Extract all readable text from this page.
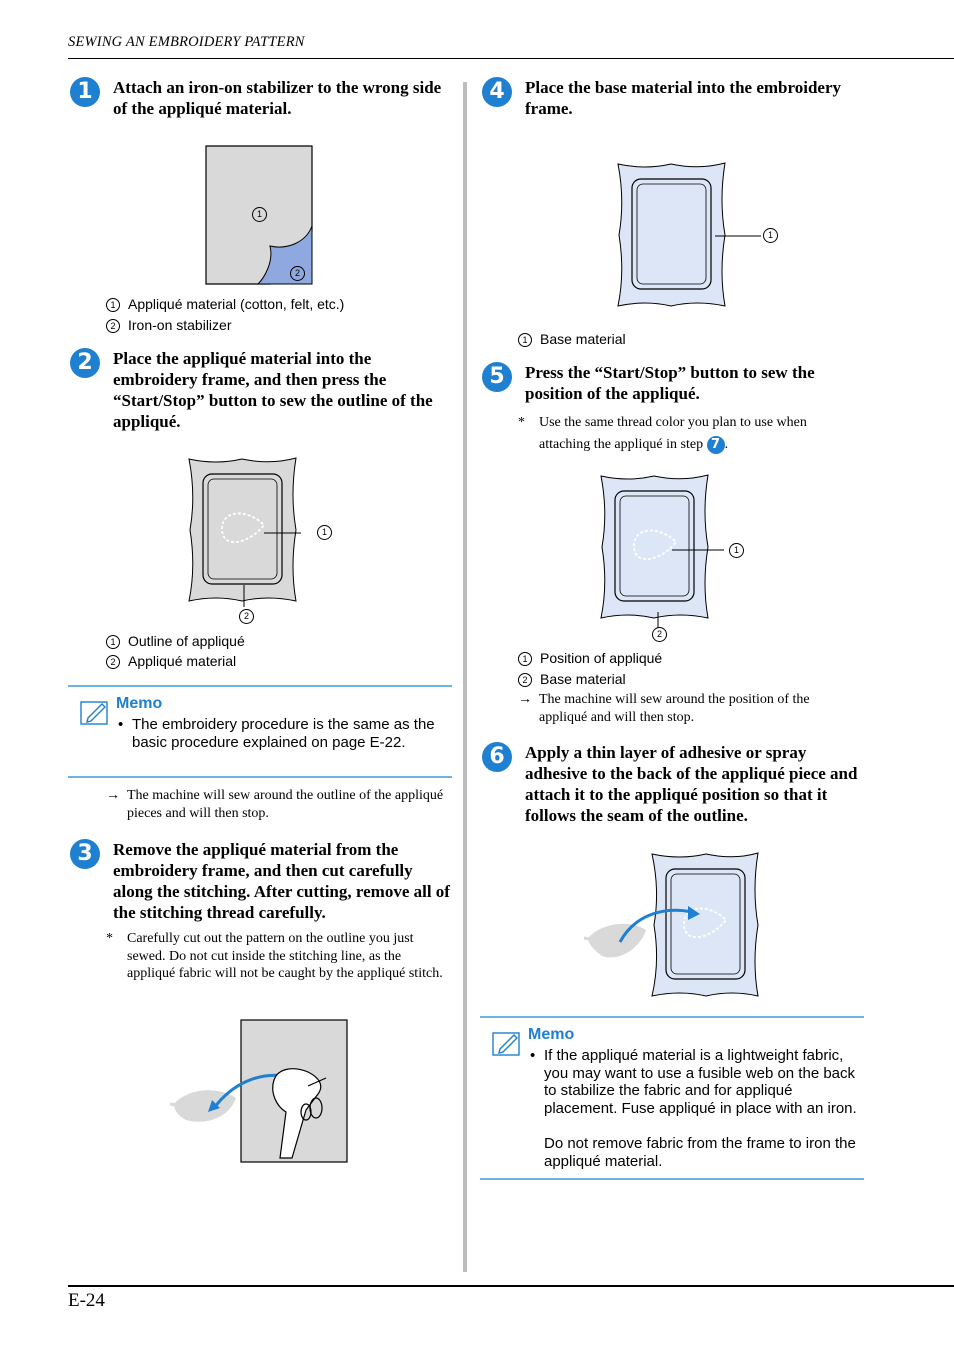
SEWING AN EMBROIDERY PATTERN
E-24
1	Attach an iron-on stabilizer to the wrong side of the appliqué material.
1
2
1 Appliqué material (cotton, felt, etc.)
2 Iron-on stabilizer
2	Place the appliqué material into the embroidery frame, and then press the “Start/Stop” button to sew the outline of the appliqué.
1
2
1 Outline of appliqué
2 Appliqué material
Memo
• The embroidery procedure is the same as the basic procedure explained on page E-22.
→ The machine will sew around the outline of the appliqué pieces and will then stop.
3	Remove the appliqué material from the embroidery frame, and then cut carefully along the stitching. After cutting, remove all of the stitching thread carefully.
* Carefully cut out the pattern on the outline you just sewed. Do not cut inside the stitching line, as the appliqué fabric will not be caught by the appliqué stitch.
4	Place the base material into the embroidery frame.
1
1 Base material
5	Press the “Start/Stop” button to sew the position of the appliqué.
* Use the same thread color you plan to use when attaching the appliqué in step 7 .
1
2
1 Position of appliqué
2 Base material
→ The machine will sew around the position of the appliqué and will then stop.
6	Apply a thin layer of adhesive or spray adhesive to the back of the appliqué piece and attach it to the appliqué position so that it follows the seam of the outline.
Memo
• If the appliqué material is a lightweight fabric, you may want to use a fusible web on the back to stabilize the fabric and for appliqué placement. Fuse appliqué in place with an iron.
Do not remove fabric from the frame to iron the appliqué material.
